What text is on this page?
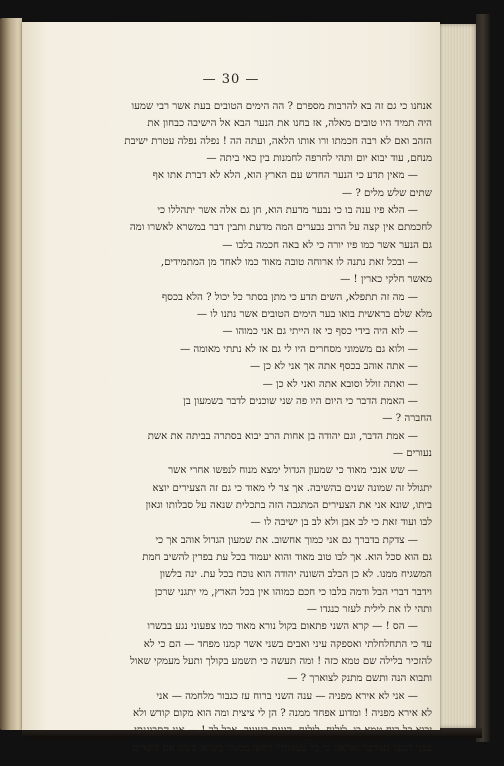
— 30 —
אנחנו כי גם זה בא להרבות מספרם ? הה הימים הטובים בעת אשר רבי שמעו
היה תמיד היו טובים מאלה, אז בחנו את הנער הבא אל הישיבה כבחון את
הזהב ואם לא רבה חכמתו ורו אותו הלאה, ועתה הה ! נפלה נפלה עטרת ישיבת
מנחם, עוד יבוא יום ותהי לחרפה לחמנות בין כאי ביתה —
— מאין תדע כי הנער החדש עם הארץ הוא, הלא לא דברת אתו אף
שתים שלש מלים ? —
— הלא פיו ענה בו כי נבער מדעת הוא, חן גם אלה אשר יתהללו כי
לחכמתם אין קצה על הרוב נבערים המה מדעת ותבין דבר במשרא לאשרו ומה
גם הנער אשר כמו פיו יורה כי לא באה חכמה בלבו —
— ובכל זאת נתנה לו ארוחה טובה מאוד כמו לאחד מן המתמידים,
מאשר חלקי כארין ! —
— מה זה תתפלא, השים תדע כי מתן בסתר כל יכול ? הלא בכסף
מלא שלם בראשית בואו בער הימים הטובים אשר נתנו לו —
— לוא היה בידי כסף כי אז הייתי גם אני כמוהו —
— ולוא גם משמוני מסחרים היו לי גם אז לא נתתי מאומה —
— אתה אוהב בכסף אתה אך אני לא כן —
— ואתה זולל וסובא אתה ואני לא כן —
— האמת הדבר כי היום היו פה שני שוכנים לדבר בשמעון בן
החברה ? —
— אמת הדבר, וגם יהודה בן אחות הרב יבוא בסתרה בביתה את אשת
נעורים —
— שש אנכי מאוד כי שמעון הגדול ימצא מנוח לנפשו אחרי אשר
יתגולל זה שמונה שנים בהשיבה. אך צר לי מאוד כי גם זה הצעירים יוצא
ביתו, שונא אני את הצעירים המתגבה הזה בתכלית שנאה על סבלותו וגאון
לבו ועוד זאת כי לב אבן ולא לב בן ישיבה לו —
— צדקת בדברך גם אני כמוך אחשוב. את שמעון הגדול אוהב אך כי
גם הוא סכל הוא. אך לבו טוב מאוד והוא יעמוד בכל עת בפרין להשיב חמת
המשגיח ממנו. לא כן הבלב השונה יהודה הוא נוכח בכל עת. ינה בלשון
וידבר דברי הבל ודמה בלבו כי חכם כמוהו אין בכל הארץ, מי יתגני שרכן
ותהי לו את לילית לעזר כנגדו —
— הס ! — קרא השני פתאום בקול נורא מאוד כמו צפעוני נגע בבשרו
עד כי התחלחלתי ואספקה עיני ואבים בשני אשר קמנו מפחד — הם כי לא
להזכיר בלילה שם טמא כזה ! ומה תעשה כי תשמע בקולך ותעל מעמקי שאול
ותבוא הנה ותשם מתנק לצוארך ? —
— אני לא אירא מפניה — ענה השני ברוח עז כגבור מלחמה — אני
לא אירא מפניה ! ומדוע אפחד ממנה ? הן לי ציצית ומה הוא מקום קודש ולא
יבוא כל רוח טמא בו, ליליח, ליליח, הינים בעיניך, אבל לך ! — אני התבוננתי
בפני הנער המדבר ואראה כי כל עצמותיו רחפו ממגור בקראו בשם אם השדים
